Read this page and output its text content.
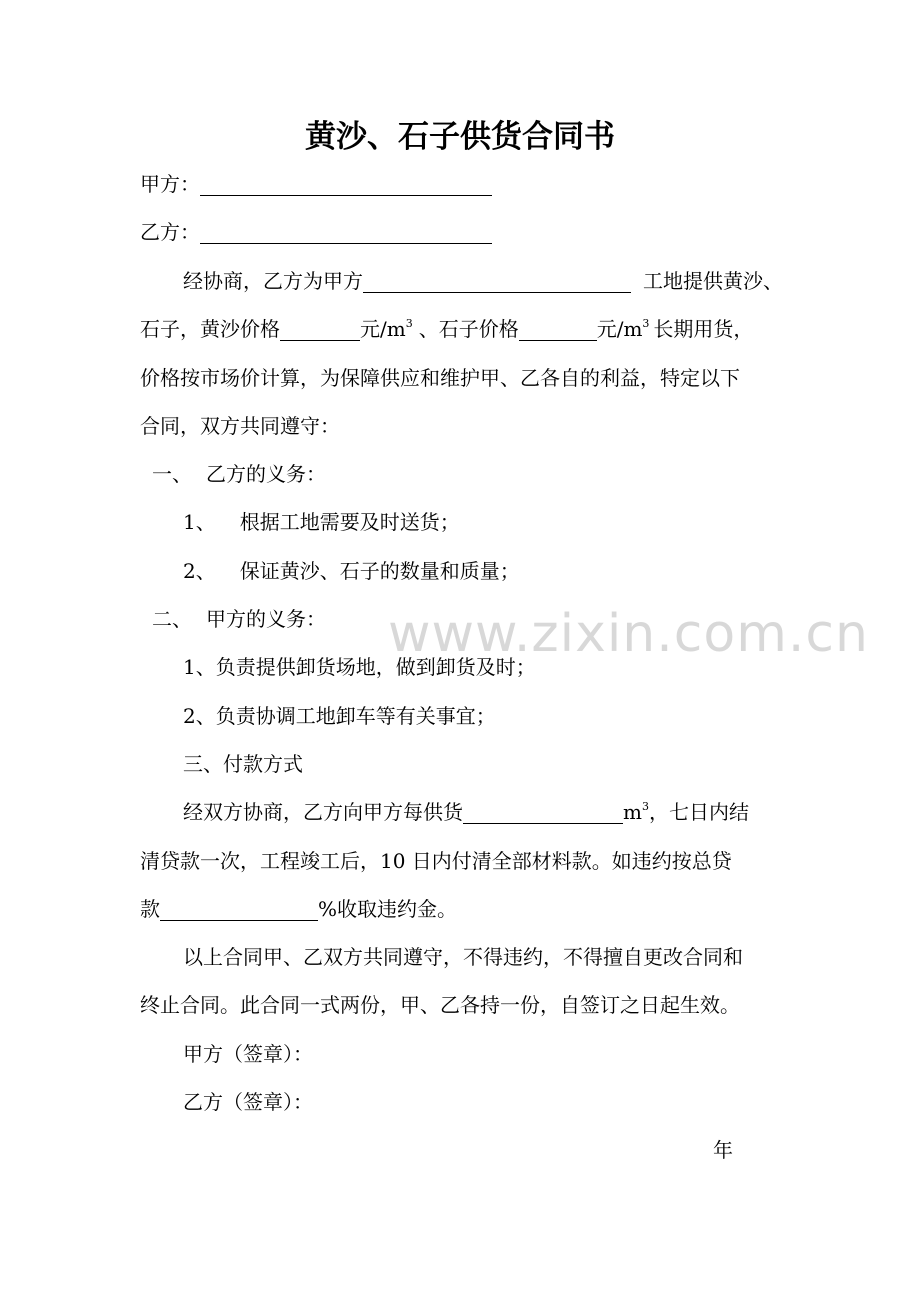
www.zixin.com.cn
黄沙、石子供货合同书
甲方：
乙方：
经协商，乙方为甲方	工地提供黄沙、
石子，黄沙价格	元$/m^3$ 、石子价格	元$/m^3$ 长期用货，
价格按市场价计算，为保障供应和维护甲、乙各自的利益，特定以下
合同，双方共同遵守：
一、 乙方的义务：
1、 根据工地需要及时送货；
2、 保证黄沙、石子的数量和质量；
二、 甲方的义务：
1、负责提供卸货场地，做到卸货及时；
2、负责协调工地卸车等有关事宜；
三、付款方式
经双方协商，乙方向甲方每供货	$m^3$，七日内结
清贷款一次，工程竣工后，10 日内付清全部材料款。如违约按总贷
款	%收取违约金。
以上合同甲、乙双方共同遵守，不得违约，不得擅自更改合同和
终止合同。此合同一式两份，甲、乙各持一份，自签订之日起生效。
甲方（签章）：
乙方（签章）：
年
